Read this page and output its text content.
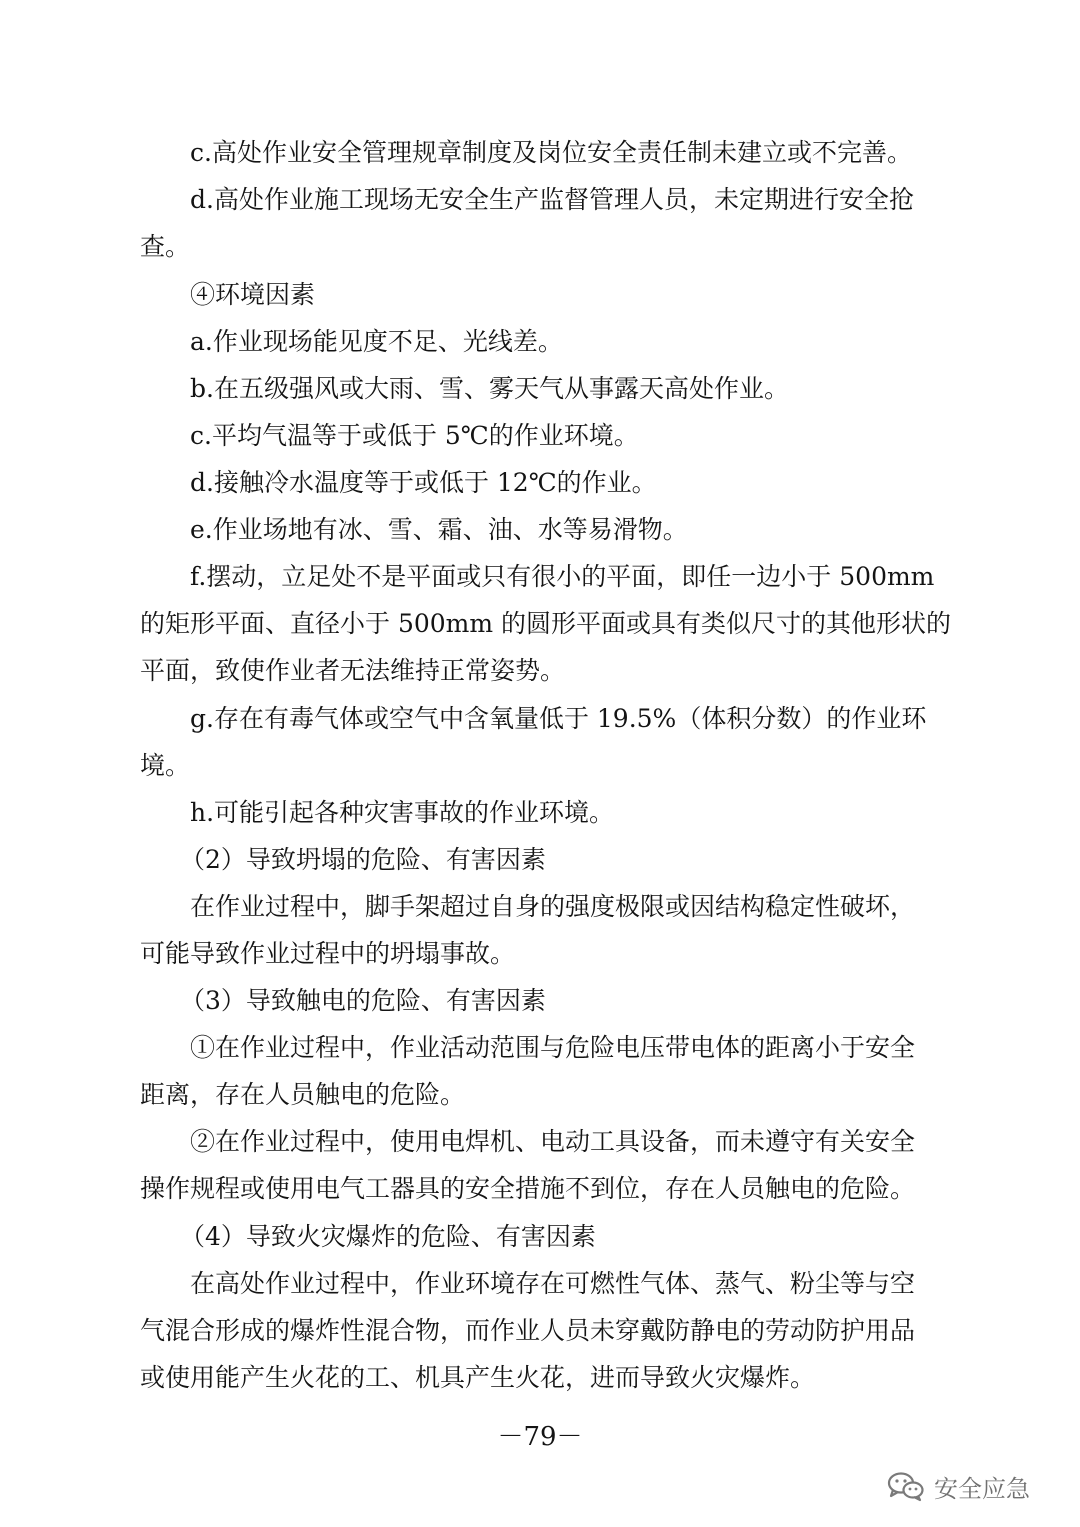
c.高处作业安全管理规章制度及岗位安全责任制未建立或不完善。
d.高处作业施工现场无安全生产监督管理人员，未定期进行安全抢
查。
④环境因素
a.作业现场能见度不足、光线差。
b.在五级强风或大雨、雪、雾天气从事露天高处作业。
c.平均气温等于或低于 5℃的作业环境。
d.接触冷水温度等于或低于 12℃的作业。
e.作业场地有冰、雪、霜、油、水等易滑物。
f.摆动，立足处不是平面或只有很小的平面，即任一边小于 500mm
的矩形平面、直径小于 500mm 的圆形平面或具有类似尺寸的其他形状的
平面，致使作业者无法维持正常姿势。
g.存在有毒气体或空气中含氧量低于 19.5%（体积分数）的作业环
境。
h.可能引起各种灾害事故的作业环境。
（2）导致坍塌的危险、有害因素
在作业过程中，脚手架超过自身的强度极限或因结构稳定性破坏，
可能导致作业过程中的坍塌事故。
（3）导致触电的危险、有害因素
①在作业过程中，作业活动范围与危险电压带电体的距离小于安全
距离，存在人员触电的危险。
②在作业过程中，使用电焊机、电动工具设备，而未遵守有关安全
操作规程或使用电气工器具的安全措施不到位，存在人员触电的危险。
（4）导致火灾爆炸的危险、有害因素
在高处作业过程中，作业环境存在可燃性气体、蒸气、粉尘等与空
气混合形成的爆炸性混合物，而作业人员未穿戴防静电的劳动防护用品
或使用能产生火花的工、机具产生火花，进而导致火灾爆炸。
－79－
安全应急
